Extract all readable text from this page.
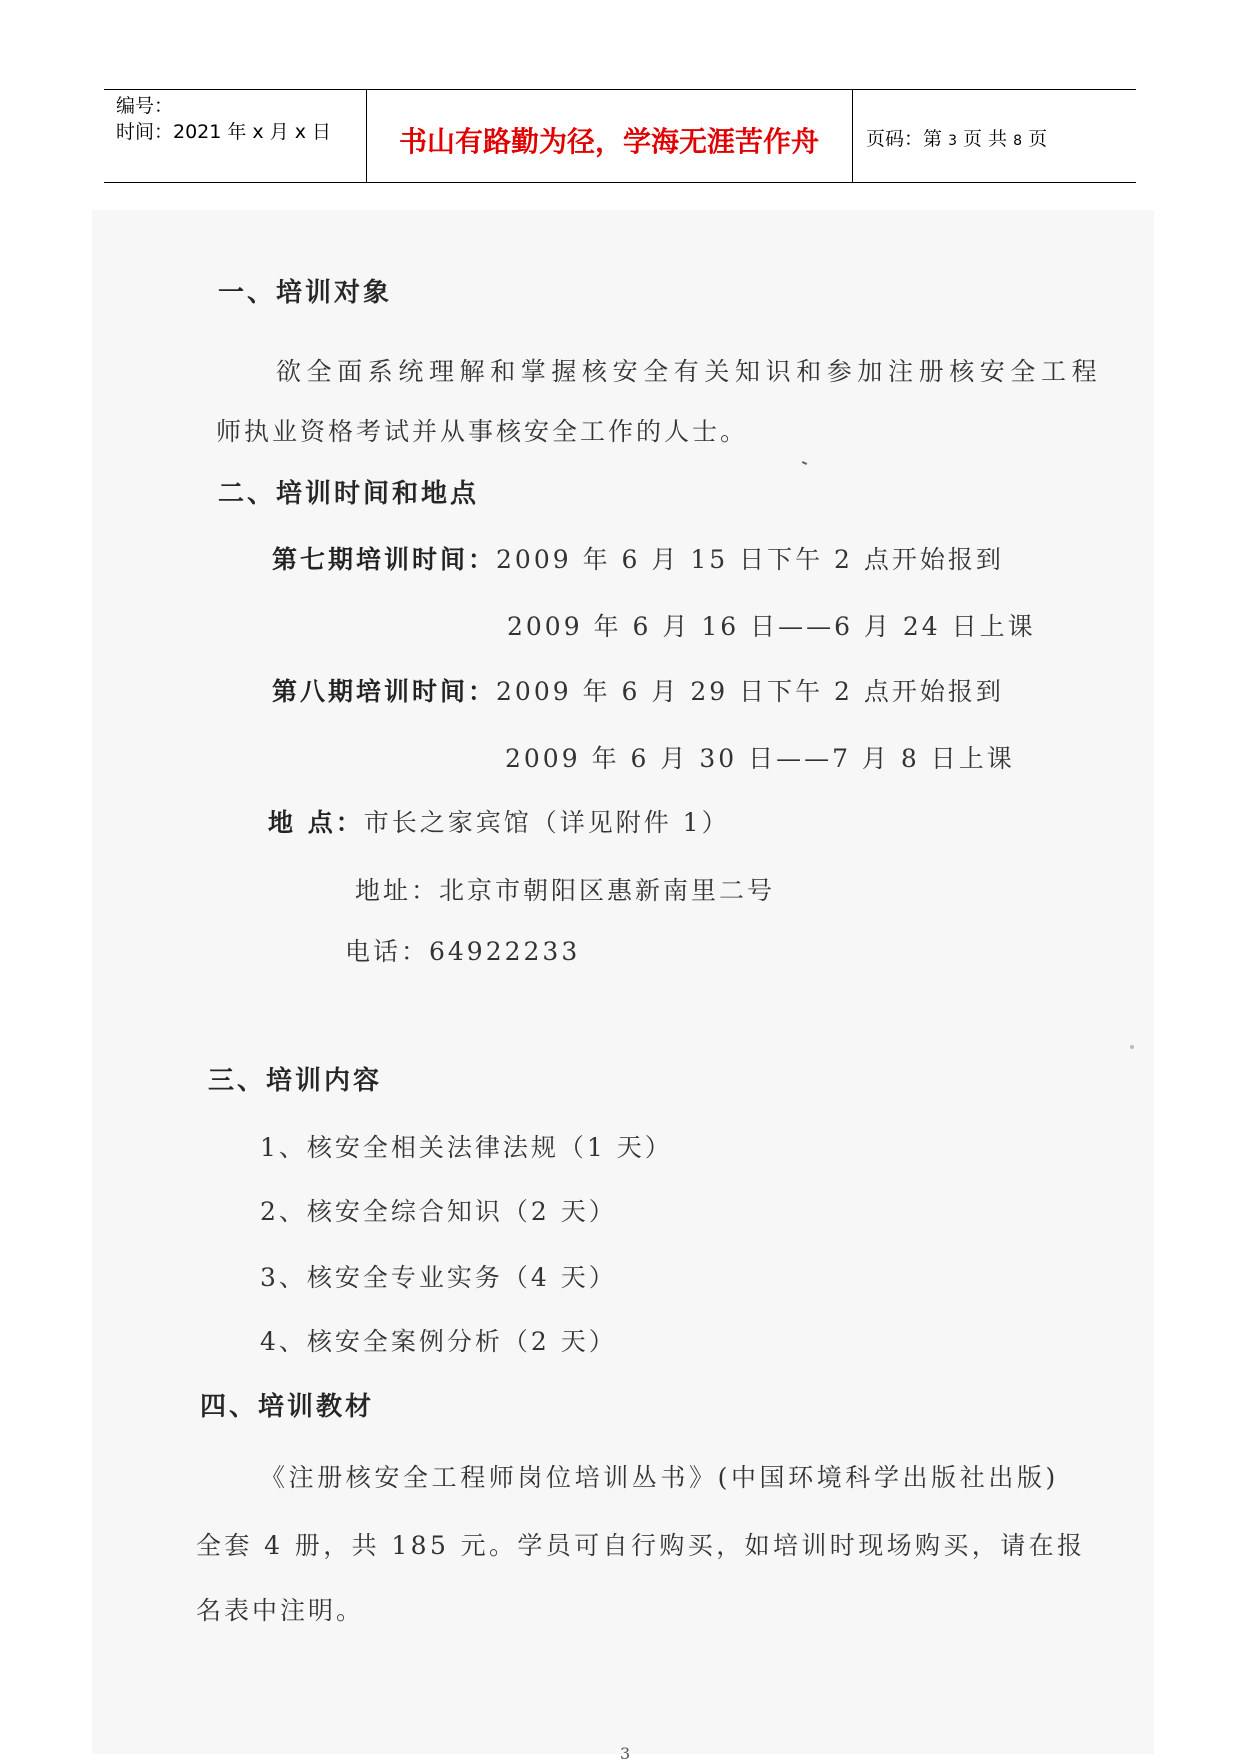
编号：
时间：2021 年 x 月 x 日	书山有路勤为径，学海无涯苦作舟	页码：第 3 页 共 8 页
一、培训对象
欲全面系统理解和掌握核安全有关知识和参加注册核安全工程
师执业资格考试并从事核安全工作的人士。
二、培训时间和地点
第七期培训时间：2009 年 6 月 15 日下午 2 点开始报到
2009 年 6 月 16 日——6 月 24 日上课
第八期培训时间：2009 年 6 月 29 日下午 2 点开始报到
2009 年 6 月 30 日——7 月 8 日上课
地 点：市长之家宾馆（详见附件 1）
地址：北京市朝阳区惠新南里二号
电话：64922233
三、培训内容
1、核安全相关法律法规（1 天）
2、核安全综合知识（2 天）
3、核安全专业实务（4 天）
4、核安全案例分析（2 天）
四、培训教材
《注册核安全工程师岗位培训丛书》(中国环境科学出版社出版)
全套 4 册，共 185 元。学员可自行购买，如培训时现场购买，请在报
名表中注明。
3
